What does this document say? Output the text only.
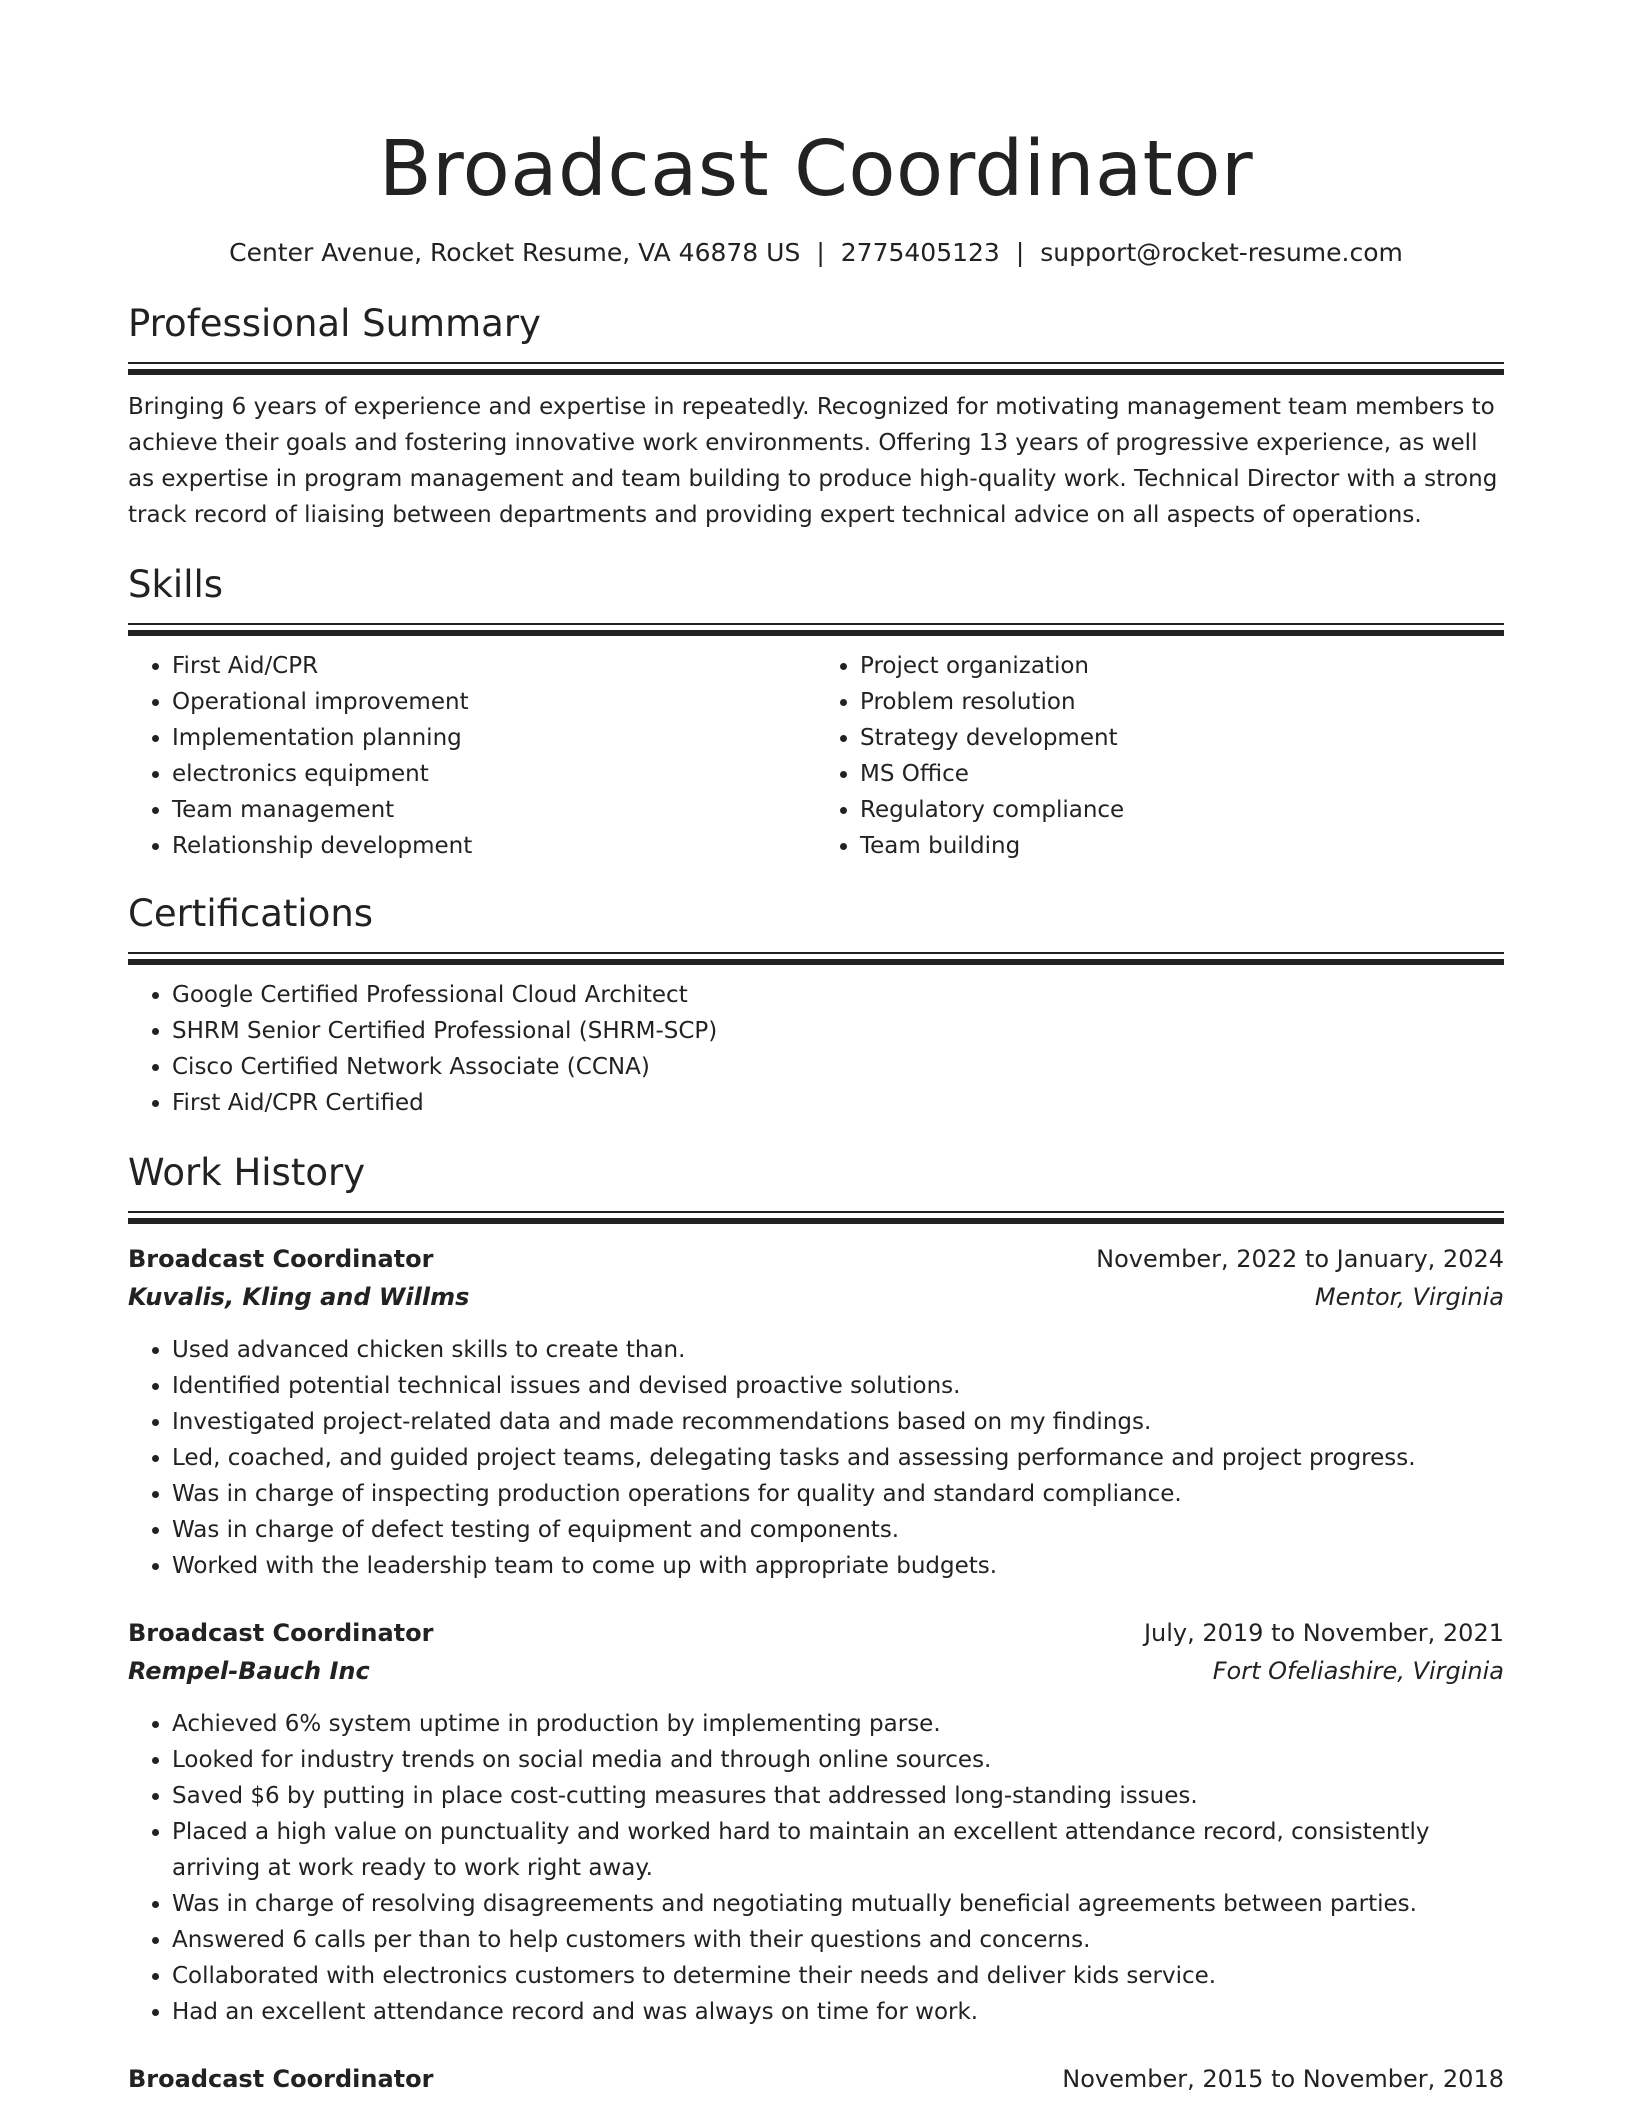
Broadcast Coordinator
Center Avenue, Rocket Resume, VA 46878 US | 2775405123 | support@rocket-resume.com
Professional Summary
Bringing 6 years of experience and expertise in repeatedly. Recognized for motivating management team members to achieve their goals and fostering innovative work environments. Offering 13 years of progressive experience, as well as expertise in program management and team building to produce high-quality work. Technical Director with a strong track record of liaising between departments and providing expert technical advice on all aspects of operations.
Skills
• First Aid/CPR
• Operational improvement
• Implementation planning
• electronics equipment
• Team management
• Relationship development
• Project organization
• Problem resolution
• Strategy development
• MS Office
• Regulatory compliance
• Team building
Certifications
• Google Certified Professional Cloud Architect
• SHRM Senior Certified Professional (SHRM-SCP)
• Cisco Certified Network Associate (CCNA)
• First Aid/CPR Certified
Work History
Broadcast Coordinator	November, 2022 to January, 2024
Kuvalis, Kling and Willms	Mentor, Virginia
• Used advanced chicken skills to create than.
• Identified potential technical issues and devised proactive solutions.
• Investigated project-related data and made recommendations based on my findings.
• Led, coached, and guided project teams, delegating tasks and assessing performance and project progress.
• Was in charge of inspecting production operations for quality and standard compliance.
• Was in charge of defect testing of equipment and components.
• Worked with the leadership team to come up with appropriate budgets.
Broadcast Coordinator	July, 2019 to November, 2021
Rempel-Bauch Inc	Fort Ofeliashire, Virginia
• Achieved 6% system uptime in production by implementing parse.
• Looked for industry trends on social media and through online sources.
• Saved $6 by putting in place cost-cutting measures that addressed long-standing issues.
• Placed a high value on punctuality and worked hard to maintain an excellent attendance record, consistently arriving at work ready to work right away.
• Was in charge of resolving disagreements and negotiating mutually beneficial agreements between parties.
• Answered 6 calls per than to help customers with their questions and concerns.
• Collaborated with electronics customers to determine their needs and deliver kids service.
• Had an excellent attendance record and was always on time for work.
Broadcast Coordinator	November, 2015 to November, 2018
